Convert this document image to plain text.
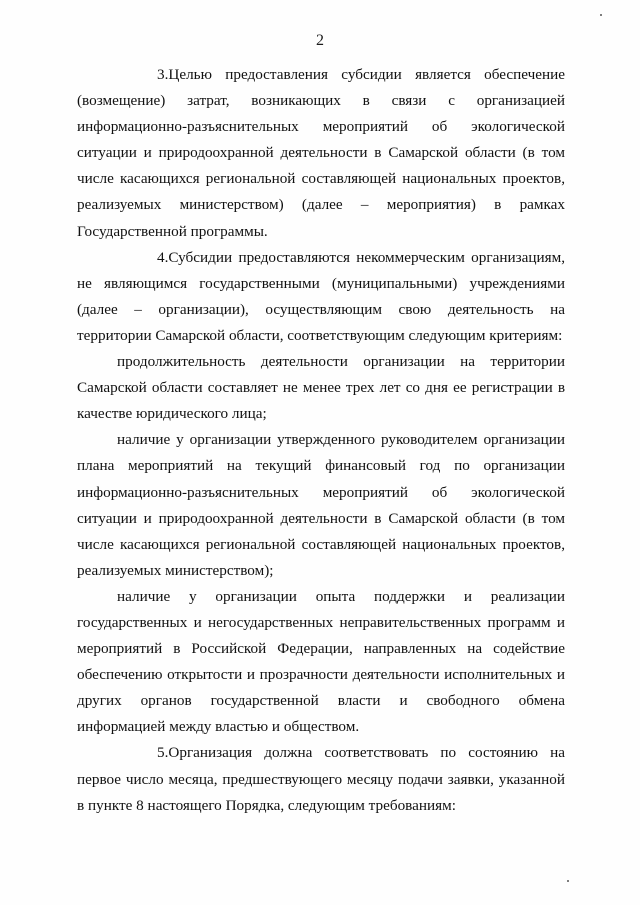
2

3.Целью предоставления субсидии является обеспечение (возмещение) затрат, возникающих в связи с организацией информационно-разъяснительных мероприятий об экологической ситуации и природоохранной деятельности в Самарской области (в том числе касающихся региональной составляющей национальных проектов, реализуемых министерством) (далее – мероприятия) в рамках Государственной программы.

4.Субсидии предоставляются некоммерческим организациям, не являющимся государственными (муниципальными) учреждениями (далее – организации), осуществляющим свою деятельность на территории Самарской области, соответствующим следующим критериям:

продолжительность деятельности организации на территории Самарской области составляет не менее трех лет со дня ее регистрации в качестве юридического лица;

наличие у организации утвержденного руководителем организации плана мероприятий на текущий финансовый год по организации информационно-разъяснительных мероприятий об экологической ситуации и природоохранной деятельности в Самарской области (в том числе касающихся региональной составляющей национальных проектов, реализуемых министерством);

наличие у организации опыта поддержки и реализации государственных и негосударственных неправительственных программ и мероприятий в Российской Федерации, направленных на содействие обеспечению открытости и прозрачности деятельности исполнительных и других органов государственной власти и свободного обмена информацией между властью и обществом.

5.Организация должна соответствовать по состоянию на первое число месяца, предшествующего месяцу подачи заявки, указанной в пункте 8 настоящего Порядка, следующим требованиям:
